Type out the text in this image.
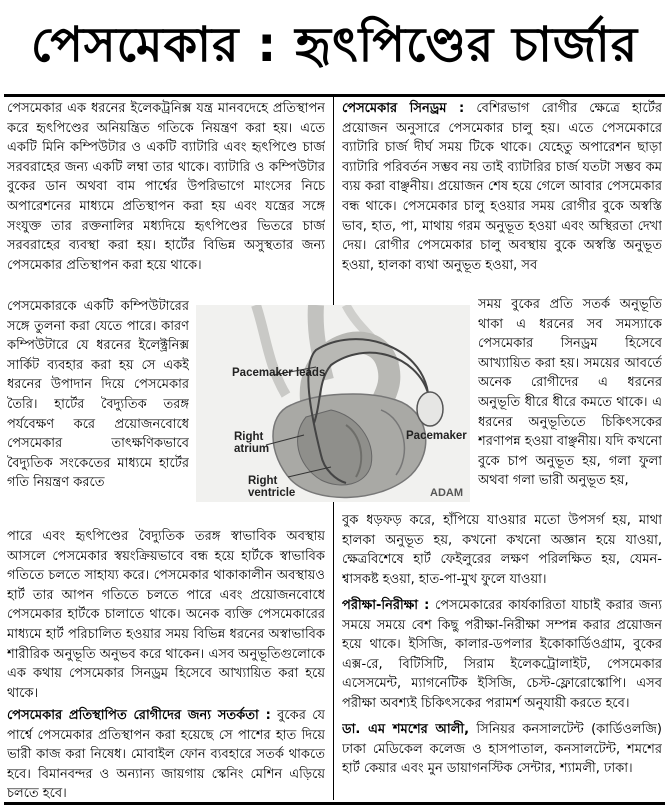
পেসমেকার : হৃৎপিণ্ডের চার্জার

পেসমেকার এক ধরনের ইলেকট্রনিক্স যন্ত্র মানবদেহে প্রতিস্থাপন করে হৃৎপিণ্ডের অনিয়ন্ত্রিত গতিকে নিয়ন্ত্রণ করা হয়। এতে একটি মিনি কম্পিউটার ও একটি ব্যাটারি এবং হৃৎপিণ্ডে চার্জ সরবরাহের জন্য একটি লম্বা তার থাকে। ব্যাটারি ও কম্পিউটার বুকের ডান অথবা বাম পার্শ্বের উপরিভাগে মাংসের নিচে অপারেশনের মাধ্যমে প্রতিস্থাপন করা হয় এবং যন্ত্রের সঙ্গে সংযুক্ত তার রক্তনালির মধ্যদিয়ে হৃৎপিণ্ডের ভিতরে চার্জ সরবরাহের ব্যবস্থা করা হয়। হার্টের বিভিন্ন অসুস্থতার জন্য পেসমেকার প্রতিস্থাপন করা হয়ে থাকে।

পেসমেকারকে একটি কম্পিউটারের সঙ্গে তুলনা করা যেতে পারে। কারণ কম্পিউটারে যে ধরনের ইলেক্ট্রনিক্স সার্কিট ব্যবহার করা হয় সে একই ধরনের উপাদান দিয়ে পেসমেকার তৈরি। হার্টের বৈদ্যুতিক তরঙ্গ পর্যবেক্ষণ করে প্রয়োজনবোধে পেসমেকার তাৎক্ষণিকভাবে বৈদ্যুতিক সংকেতের মাধ্যমে হার্টের গতি নিয়ন্ত্রণ করতে

পারে এবং হৃৎপিণ্ডের বৈদ্যুতিক তরঙ্গ স্বাভাবিক অবস্থায় আসলে পেসমেকার স্বয়ংক্রিয়ভাবে বন্ধ হয়ে হার্টকে স্বাভাবিক গতিতে চলতে সাহায্য করে। পেসমেকার থাকাকালীন অবস্থায়ও হার্ট তার আপন গতিতে চলতে পারে এবং প্রয়োজনবোধে পেসমেকার হার্টকে চালাতে থাকে। অনেক ব্যক্তি পেসমেকারের মাধ্যমে হার্ট পরিচালিত হওয়ার সময় বিভিন্ন ধরনের অস্বাভাবিক শারীরিক অনুভূতি অনুভব করে থাকেন। এসব অনুভূতিগুলোকে এক কথায় পেসমেকার সিনড্রম হিসেবে আখ্যায়িত করা হয়ে থাকে।

পেসমেকার প্রতিস্থাপিত রোগীদের জন্য সতর্কতা : বুকের যে পার্শ্বে পেসমেকার প্রতিস্থাপন করা হয়েছে সে পাশের হাত দিয়ে ভারী কাজ করা নিষেধ। মোবাইল ফোন ব্যবহারে সতর্ক থাকতে হবে। বিমানবন্দর ও অন্যান্য জায়গায় স্কেনিং মেশিন এড়িয়ে চলতে হবে।

পেসমেকার সিনড্রম : বেশিরভাগ রোগীর ক্ষেত্রে হার্টের প্রয়োজন অনুসারে পেসমেকার চালু হয়। এতে পেসমেকারে ব্যাটারি চার্জ দীর্ঘ সময় টিকে থাকে। যেহেতু অপারেশন ছাড়া ব্যাটারি পরিবর্তন সম্ভব নয় তাই ব্যাটারির চার্জ যতটা সম্ভব কম ব্যয় করা বাঞ্ছনীয়। প্রয়োজন শেষ হয়ে গেলে আবার পেসমেকার বন্ধ থাকে। পেসমেকার চালু হওয়ার সময় রোগীর বুকে অস্বস্তি ভাব, হাত, পা, মাথায় গরম অনুভূত হওয়া এবং অস্থিরতা দেখা দেয়। রোগীর পেসমেকার চালু অবস্থায় বুকে অস্বস্তি অনুভূত হওয়া, হালকা ব্যথা অনুভূত হওয়া, সব

সময় বুকের প্রতি সতর্ক অনুভূতি থাকা এ ধরনের সব সমস্যাকে পেসমেকার সিনড্রম হিসেবে আখ্যায়িত করা হয়। সময়ের আবর্তে অনেক রোগীদের এ ধরনের অনুভূতি ধীরে ধীরে কমতে থাকে। এ ধরনের অনুভূতিতে চিকিৎসকের শরণাপন্ন হওয়া বাঞ্ছনীয়। যদি কখনো বুকে চাপ অনুভূত হয়, গলা ফুলা অথবা গলা ভারী অনুভূত হয়,

বুক ধড়ফড় করে, হাঁপিয়ে যাওয়ার মতো উপসর্গ হয়, মাথা হালকা অনুভূত হয়, কখনো কখনো অজ্ঞান হয়ে যাওয়া, ক্ষেত্রবিশেষে হার্ট ফেইলুরের লক্ষণ পরিলক্ষিত হয়, যেমন- শ্বাসকষ্ট হওয়া, হাত-পা-মুখ ফুলে যাওয়া।

পরীক্ষা-নিরীক্ষা : পেসমেকারের কার্যকারিতা যাচাই করার জন্য সময়ে সময়ে বেশ কিছু পরীক্ষা-নিরীক্ষা সম্পন্ন করার প্রয়োজন হয়ে থাকে। ইসিজি, কালার-ডপলার ইকোকার্ডিওগ্রাম, বুকের এক্স-রে, বিটিসিটি, সিরাম ইলেকট্রোলাইট, পেসমেকার এসেসমেন্ট, ম্যাগনেটিক ইসিজি, চেস্ট-ফ্লোরোস্কোপি। এসব পরীক্ষা অবশ্যই চিকিৎসকের পরামর্শ অনুযায়ী করতে হবে।

ডা. এম শমশের আলী, সিনিয়র কনসালটেন্ট (কার্ডিওলজি) ঢাকা মেডিকেল কলেজ ও হাসপাতাল, কনসালটেন্ট, শমশের হার্ট কেয়ার এবং মুন ডায়াগনস্টিক সেন্টার, শ্যামলী, ঢাকা।

Pacemaker leads
Pacemaker
Right atrium
Right ventricle	ADAM
